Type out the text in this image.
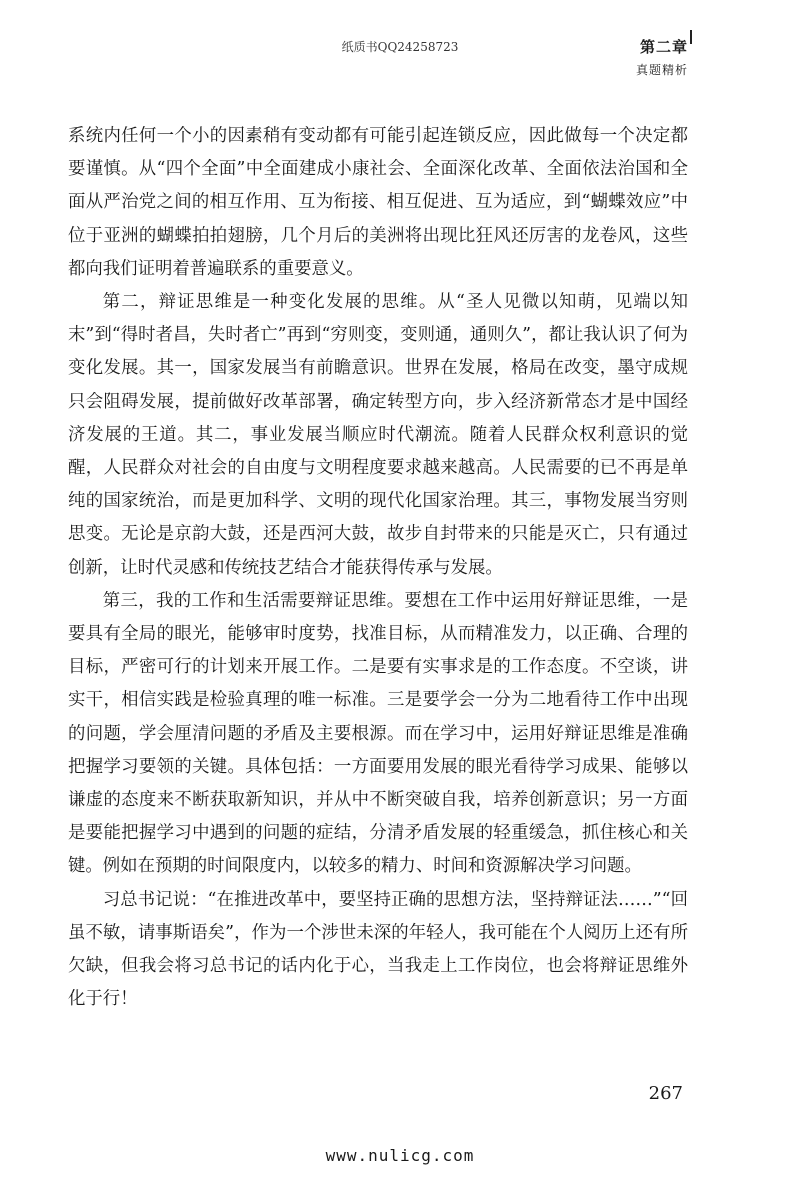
纸质书QQ24258723	第二章
真题精析

系统内任何一个小的因素稍有变动都有可能引起连锁反应，因此做每一个决定都要谨慎。从“四个全面”中全面建成小康社会、全面深化改革、全面依法治国和全面从严治党之间的相互作用、互为衔接、相互促进、互为适应，到“蝴蝶效应”中位于亚洲的蝴蝶拍拍翅膀，几个月后的美洲将出现比狂风还厉害的龙卷风，这些都向我们证明着普遍联系的重要意义。

第二，辩证思维是一种变化发展的思维。从“圣人见微以知萌，见端以知末”到“得时者昌，失时者亡”再到“穷则变，变则通，通则久”，都让我认识了何为变化发展。其一，国家发展当有前瞻意识。世界在发展，格局在改变，墨守成规只会阻碍发展，提前做好改革部署，确定转型方向，步入经济新常态才是中国经济发展的王道。其二，事业发展当顺应时代潮流。随着人民群众权利意识的觉醒，人民群众对社会的自由度与文明程度要求越来越高。人民需要的已不再是单纯的国家统治，而是更加科学、文明的现代化国家治理。其三，事物发展当穷则思变。无论是京韵大鼓，还是西河大鼓，故步自封带来的只能是灭亡，只有通过创新，让时代灵感和传统技艺结合才能获得传承与发展。

第三，我的工作和生活需要辩证思维。要想在工作中运用好辩证思维，一是要具有全局的眼光，能够审时度势，找准目标，从而精准发力，以正确、合理的目标，严密可行的计划来开展工作。二是要有实事求是的工作态度。不空谈，讲实干，相信实践是检验真理的唯一标准。三是要学会一分为二地看待工作中出现的问题，学会厘清问题的矛盾及主要根源。而在学习中，运用好辩证思维是准确把握学习要领的关键。具体包括：一方面要用发展的眼光看待学习成果、能够以谦虚的态度来不断获取新知识，并从中不断突破自我，培养创新意识；另一方面是要能把握学习中遇到的问题的症结，分清矛盾发展的轻重缓急，抓住核心和关键。例如在预期的时间限度内，以较多的精力、时间和资源解决学习问题。

习总书记说：“在推进改革中，要坚持正确的思想方法，坚持辩证法……”“回虽不敏，请事斯语矣”，作为一个涉世未深的年轻人，我可能在个人阅历上还有所欠缺，但我会将习总书记的话内化于心，当我走上工作岗位，也会将辩证思维外化于行！

267
www.nulicg.com
